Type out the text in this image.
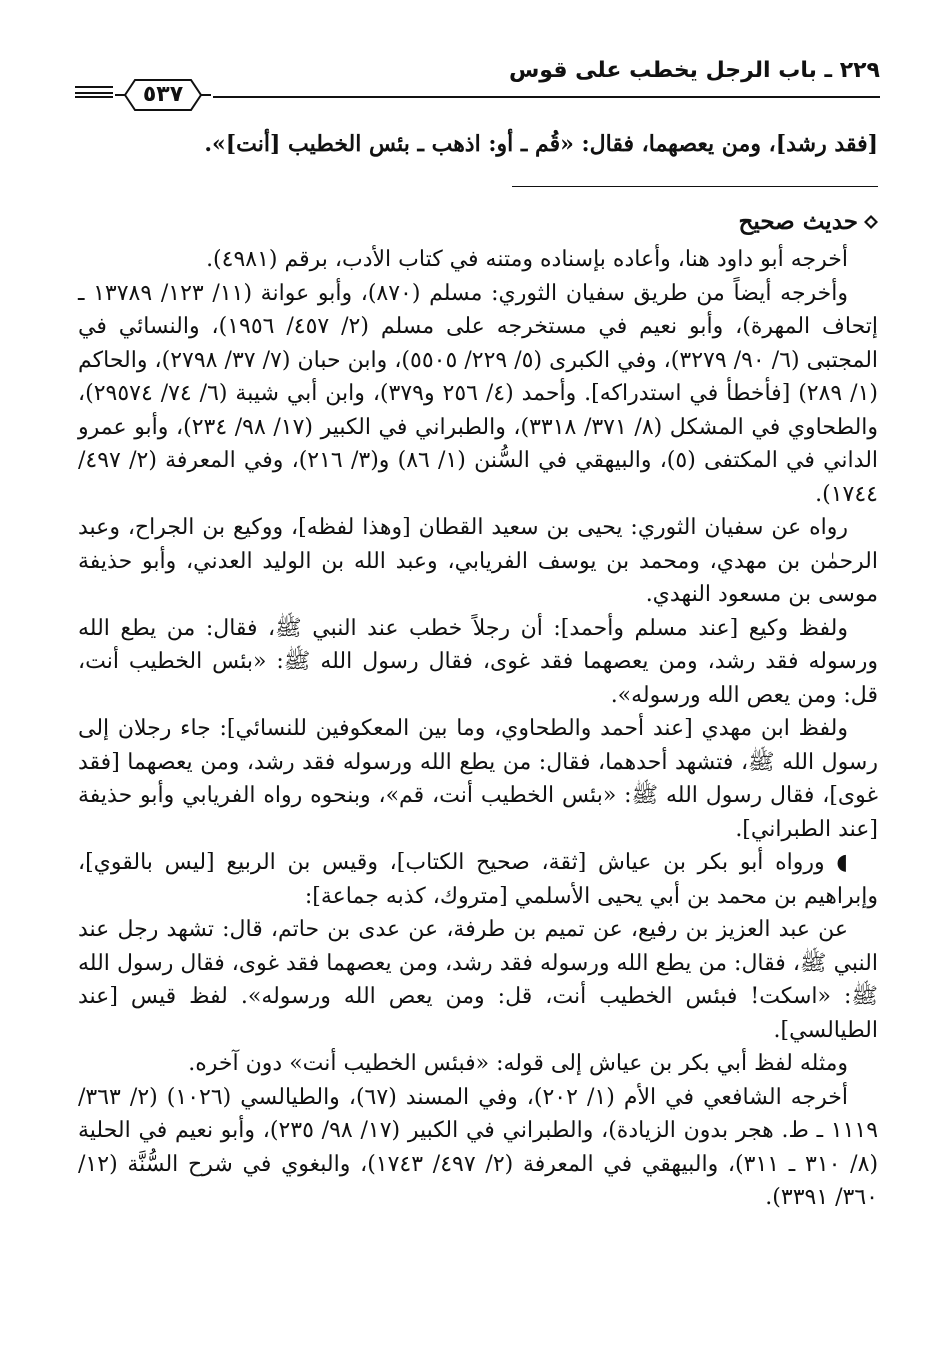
٢٢٩ ـ باب الرجل يخطب على قوس
٥٣٧

[فقد رشد]، ومن يعصهما، فقال: «قُم ـ أو: اذهب ـ بئس الخطيب [أنت]».

حديث صحيح

أخرجه أبو داود هنا، وأعاده بإسناده ومتنه في كتاب الأدب، برقم (٤٩٨١).

وأخرجه أيضاً من طريق سفيان الثوري: مسلم (٨٧٠)، وأبو عوانة (١١/ ١٢٣/ ١٣٧٨٩ ـ إتحاف المهرة)، وأبو نعيم في مستخرجه على مسلم (٢/ ٤٥٧/ ١٩٥٦)، والنسائي في المجتبى (٦/ ٩٠/ ٣٢٧٩)، وفي الكبرى (٥/ ٢٢٩/ ٥٥٠٥)، وابن حبان (٧/ ٣٧/ ٢٧٩٨)، والحاكم (١/ ٢٨٩) [فأخطأ في استدراكه]. وأحمد (٤/ ٢٥٦ و٣٧٩)، وابن أبي شيبة (٦/ ٧٤/ ٢٩٥٧٤)، والطحاوي في المشكل (٨/ ٣٧١/ ٣٣١٨)، والطبراني في الكبير (١٧/ ٩٨/ ٢٣٤)، وأبو عمرو الداني في المكتفى (٥)، والبيهقي في السُّنن (١/ ٨٦) و(٣/ ٢١٦)، وفي المعرفة (٢/ ٤٩٧/ ١٧٤٤).

رواه عن سفيان الثوري: يحيى بن سعيد القطان [وهذا لفظه]، ووكيع بن الجراح، وعبد الرحمٰن بن مهدي، ومحمد بن يوسف الفريابي، وعبد الله بن الوليد العدني، وأبو حذيفة موسى بن مسعود النهدي.

ولفظ وكيع [عند مسلم وأحمد]: أن رجلاً خطب عند النبي ﷺ، فقال: من يطع الله ورسوله فقد رشد، ومن يعصهما فقد غوى، فقال رسول الله ﷺ: «بئس الخطيب أنت، قل: ومن يعص الله ورسوله».

ولفظ ابن مهدي [عند أحمد والطحاوي، وما بين المعكوفين للنسائي]: جاء رجلان إلى رسول الله ﷺ، فتشهد أحدهما، فقال: من يطع الله ورسوله فقد رشد، ومن يعصهما [فقد غوى]، فقال رسول الله ﷺ: «بئس الخطيب أنت، قم»، وبنحوه رواه الفريابي وأبو حذيفة [عند الطبراني].

◖ ورواه أبو بكر بن عياش [ثقة، صحيح الكتاب]، وقيس بن الربيع [ليس بالقوي]، وإبراهيم بن محمد بن أبي يحيى الأسلمي [متروك، كذبه جماعة]:

عن عبد العزيز بن رفيع، عن تميم بن طرفة، عن عدى بن حاتم، قال: تشهد رجل عند النبي ﷺ، فقال: من يطع الله ورسوله فقد رشد، ومن يعصهما فقد غوى، فقال رسول الله ﷺ: «اسكت! فبئس الخطيب أنت، قل: ومن يعص الله ورسوله». لفظ قيس [عند الطيالسي].

ومثله لفظ أبي بكر بن عياش إلى قوله: «فبئس الخطيب أنت» دون آخره.

أخرجه الشافعي في الأم (١/ ٢٠٢)، وفي المسند (٦٧)، والطيالسي (١٠٢٦) (٢/ ٣٦٣/ ١١١٩ ـ ط. هجر بدون الزيادة)، والطبراني في الكبير (١٧/ ٩٨/ ٢٣٥)، وأبو نعيم في الحلية (٨/ ٣١٠ ـ ٣١١)، والبيهقي في المعرفة (٢/ ٤٩٧/ ١٧٤٣)، والبغوي في شرح السُّنَّة (١٢/ ٣٦٠/ ٣٣٩١).
